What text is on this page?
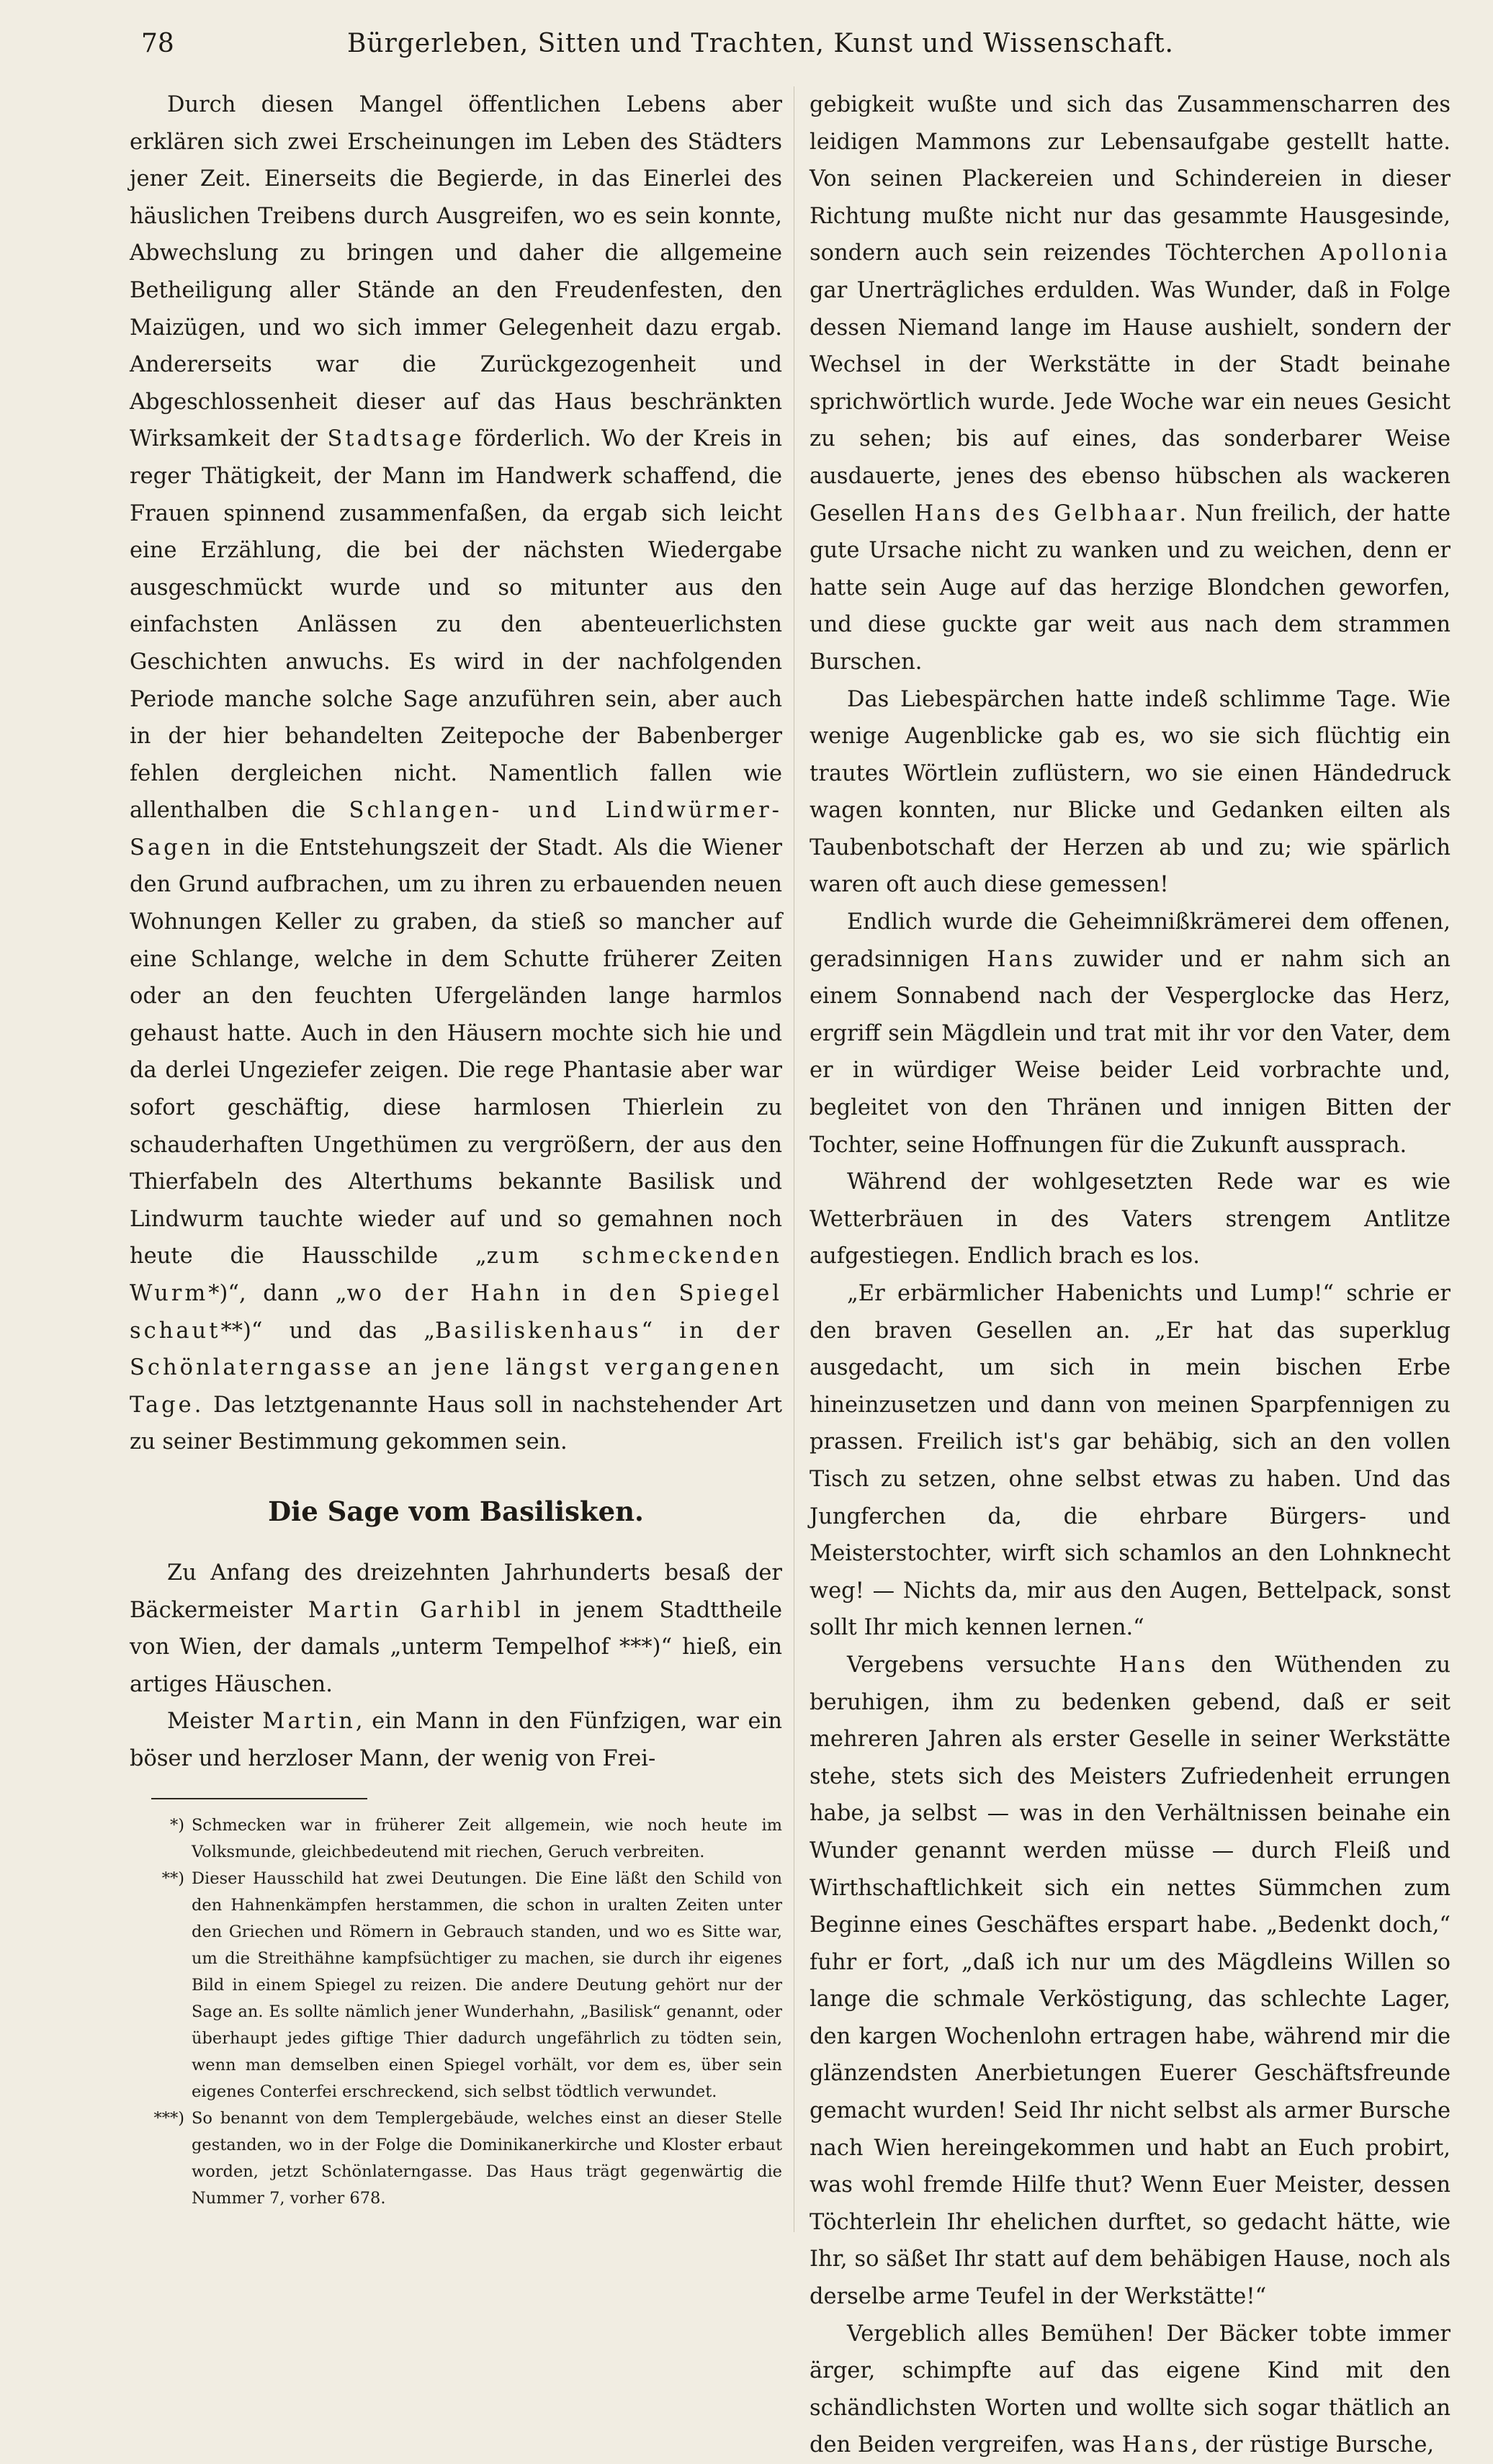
78	Bürgerleben, Sitten und Trachten, Kunst und Wissenschaft.

Durch diesen Mangel öffentlichen Lebens aber erklären sich zwei Erscheinungen im Leben des Städters jener Zeit. Einerseits die Begierde, in das Einerlei des häuslichen Treibens durch Ausgreifen, wo es sein konnte, Abwechslung zu bringen und daher die allgemeine Betheiligung aller Stände an den Freudenfesten, den Maizügen, und wo sich immer Gelegenheit dazu ergab. Andererseits war die Zurückgezogenheit und Abgeschlossenheit dieser auf das Haus beschränkten Wirksamkeit der Stadtsage förderlich. Wo der Kreis in reger Thätigkeit, der Mann im Handwerk schaffend, die Frauen spinnend zusammenfaßen, da ergab sich leicht eine Erzählung, die bei der nächsten Wiedergabe ausgeschmückt wurde und so mitunter aus den einfachsten Anlässen zu den abenteuerlichsten Geschichten anwuchs. Es wird in der nachfolgenden Periode manche solche Sage anzuführen sein, aber auch in der hier behandelten Zeitepoche der Babenberger fehlen dergleichen nicht. Namentlich fallen wie allenthalben die Schlangen- und Lindwürmer-Sagen in die Entstehungszeit der Stadt. Als die Wiener den Grund aufbrachen, um zu ihren zu erbauenden neuen Wohnungen Keller zu graben, da stieß so mancher auf eine Schlange, welche in dem Schutte früherer Zeiten oder an den feuchten Ufergeländen lange harmlos gehaust hatte. Auch in den Häusern mochte sich hie und da derlei Ungeziefer zeigen. Die rege Phantasie aber war sofort geschäftig, diese harmlosen Thierlein zu schauderhaften Ungethümen zu vergrößern, der aus den Thierfabeln des Alterthums bekannte Basilisk und Lindwurm tauchte wieder auf und so gemahnen noch heute die Hausschilde „zum schmeckenden Wurm*)“, dann „wo der Hahn in den Spiegel schaut**)“ und das „Basiliskenhaus“ in der Schönlaterngasse an jene längst vergangenen Tage. Das letztgenannte Haus soll in nachstehender Art zu seiner Bestimmung gekommen sein.

Die Sage vom Basilisken.

Zu Anfang des dreizehnten Jahrhunderts besaß der Bäckermeister Martin Garhibl in jenem Stadttheile von Wien, der damals „unterm Tempelhof ***)“ hieß, ein artiges Häuschen.

Meister Martin, ein Mann in den Fünfzigen, war ein böser und herzloser Mann, der wenig von Frei-

*) Schmecken war in früherer Zeit allgemein, wie noch heute im Volksmunde, gleichbedeutend mit riechen, Geruch verbreiten.

**) Dieser Hausschild hat zwei Deutungen. Die Eine läßt den Schild von den Hahnenkämpfen herstammen, die schon in uralten Zeiten unter den Griechen und Römern in Gebrauch standen, und wo es Sitte war, um die Streithähne kampfsüchtiger zu machen, sie durch ihr eigenes Bild in einem Spiegel zu reizen. Die andere Deutung gehört nur der Sage an. Es sollte nämlich jener Wunderhahn, „Basilisk“ genannt, oder überhaupt jedes giftige Thier dadurch ungefährlich zu tödten sein, wenn man demselben einen Spiegel vorhält, vor dem es, über sein eigenes Conterfei erschreckend, sich selbst tödtlich verwundet.

***) So benannt von dem Templergebäude, welches einst an dieser Stelle gestanden, wo in der Folge die Dominikanerkirche und Kloster erbaut worden, jetzt Schönlaterngasse. Das Haus trägt gegenwärtig die Nummer 7, vorher 678.

gebigkeit wußte und sich das Zusammenscharren des leidigen Mammons zur Lebensaufgabe gestellt hatte. Von seinen Plackereien und Schindereien in dieser Richtung mußte nicht nur das gesammte Hausgesinde, sondern auch sein reizendes Töchterchen Apollonia gar Unerträgliches erdulden. Was Wunder, daß in Folge dessen Niemand lange im Hause aushielt, sondern der Wechsel in der Werkstätte in der Stadt beinahe sprichwörtlich wurde. Jede Woche war ein neues Gesicht zu sehen; bis auf eines, das sonderbarer Weise ausdauerte, jenes des ebenso hübschen als wackeren Gesellen Hans des Gelbhaar. Nun freilich, der hatte gute Ursache nicht zu wanken und zu weichen, denn er hatte sein Auge auf das herzige Blondchen geworfen, und diese guckte gar weit aus nach dem strammen Burschen.

Das Liebespärchen hatte indeß schlimme Tage. Wie wenige Augenblicke gab es, wo sie sich flüchtig ein trautes Wörtlein zuflüstern, wo sie einen Händedruck wagen konnten, nur Blicke und Gedanken eilten als Taubenbotschaft der Herzen ab und zu; wie spärlich waren oft auch diese gemessen!

Endlich wurde die Geheimnißkrämerei dem offenen, geradsinnigen Hans zuwider und er nahm sich an einem Sonnabend nach der Vesperglocke das Herz, ergriff sein Mägdlein und trat mit ihr vor den Vater, dem er in würdiger Weise beider Leid vorbrachte und, begleitet von den Thränen und innigen Bitten der Tochter, seine Hoffnungen für die Zukunft aussprach.

Während der wohlgesetzten Rede war es wie Wetterbräuen in des Vaters strengem Antlitze aufgestiegen. Endlich brach es los.

„Er erbärmlicher Habenichts und Lump!“ schrie er den braven Gesellen an. „Er hat das superklug ausgedacht, um sich in mein bischen Erbe hineinzusetzen und dann von meinen Sparpfennigen zu prassen. Freilich ist's gar behäbig, sich an den vollen Tisch zu setzen, ohne selbst etwas zu haben. Und das Jungferchen da, die ehrbare Bürgers- und Meisterstochter, wirft sich schamlos an den Lohnknecht weg! — Nichts da, mir aus den Augen, Bettelpack, sonst sollt Ihr mich kennen lernen.“

Vergebens versuchte Hans den Wüthenden zu beruhigen, ihm zu bedenken gebend, daß er seit mehreren Jahren als erster Geselle in seiner Werkstätte stehe, stets sich des Meisters Zufriedenheit errungen habe, ja selbst — was in den Verhältnissen beinahe ein Wunder genannt werden müsse — durch Fleiß und Wirthschaftlichkeit sich ein nettes Sümmchen zum Beginne eines Geschäftes erspart habe. „Bedenkt doch,“ fuhr er fort, „daß ich nur um des Mägdleins Willen so lange die schmale Verköstigung, das schlechte Lager, den kargen Wochenlohn ertragen habe, während mir die glänzendsten Anerbietungen Euerer Geschäftsfreunde gemacht wurden! Seid Ihr nicht selbst als armer Bursche nach Wien hereingekommen und habt an Euch probirt, was wohl fremde Hilfe thut? Wenn Euer Meister, dessen Töchterlein Ihr ehelichen durftet, so gedacht hätte, wie Ihr, so säßet Ihr statt auf dem behäbigen Hause, noch als derselbe arme Teufel in der Werkstätte!“

Vergeblich alles Bemühen! Der Bäcker tobte immer ärger, schimpfte auf das eigene Kind mit den schändlichsten Worten und wollte sich sogar thätlich an den Beiden vergreifen, was Hans, der rüstige Bursche,
